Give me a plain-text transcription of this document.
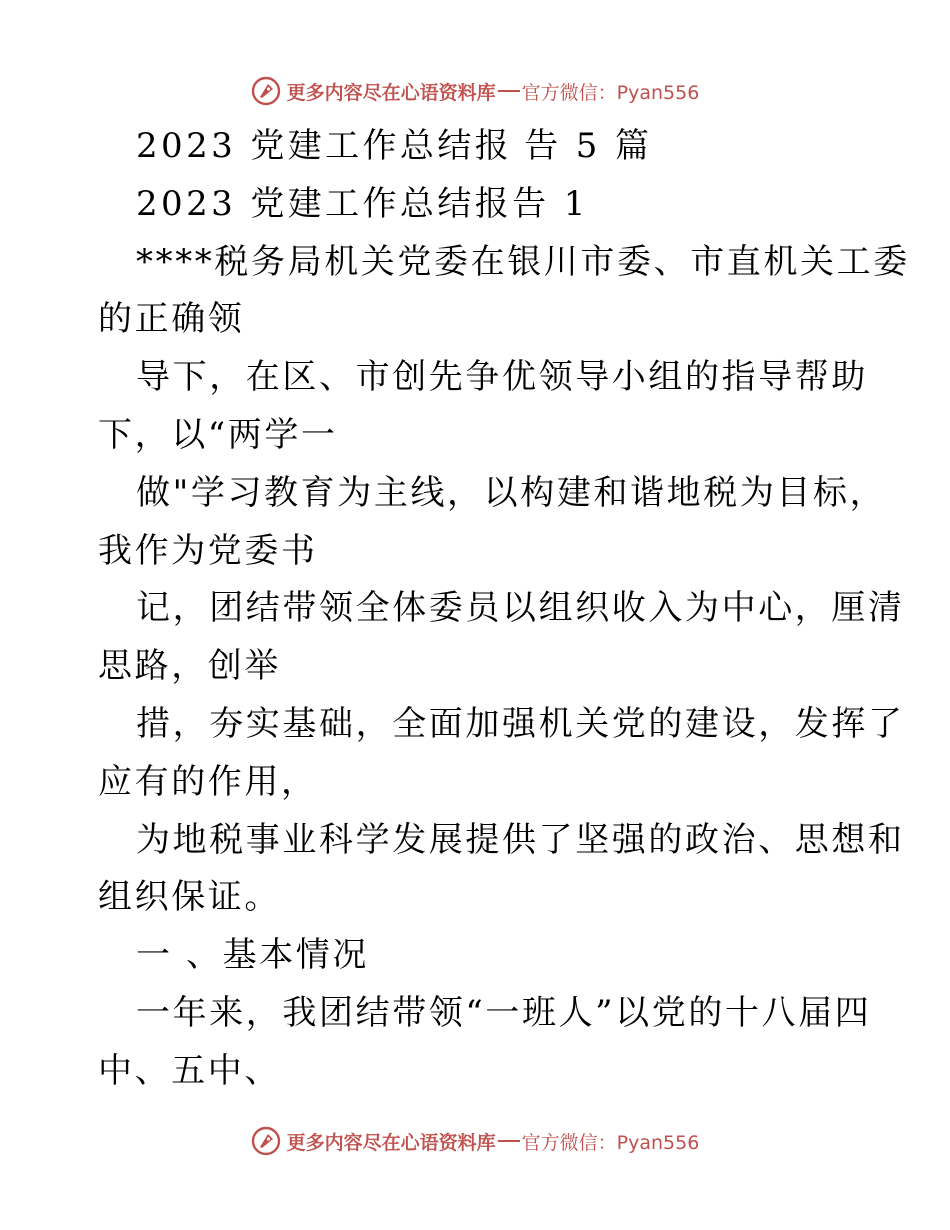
更多内容尽在心语资料库 官方微信：Pyan556
2023 党建工作总结报 告 5 篇
2023 党建工作总结报告 1
****税务局机关党委在银川市委、市直机关工委
的正确领
导下，在区、市创先争优领导小组的指导帮助
下，以“两学一
做"学习教育为主线，以构建和谐地税为目标，
我作为党委书
记，团结带领全体委员以组织收入为中心，厘清
思路，创举
措，夯实基础，全面加强机关党的建设，发挥了
应有的作用，
为地税事业科学发展提供了坚强的政治、思想和
组织保证。
一 、基本情况
一年来，我团结带领“一班人”以党的十八届四
中、五中、
更多内容尽在心语资料库 官方微信：Pyan556
